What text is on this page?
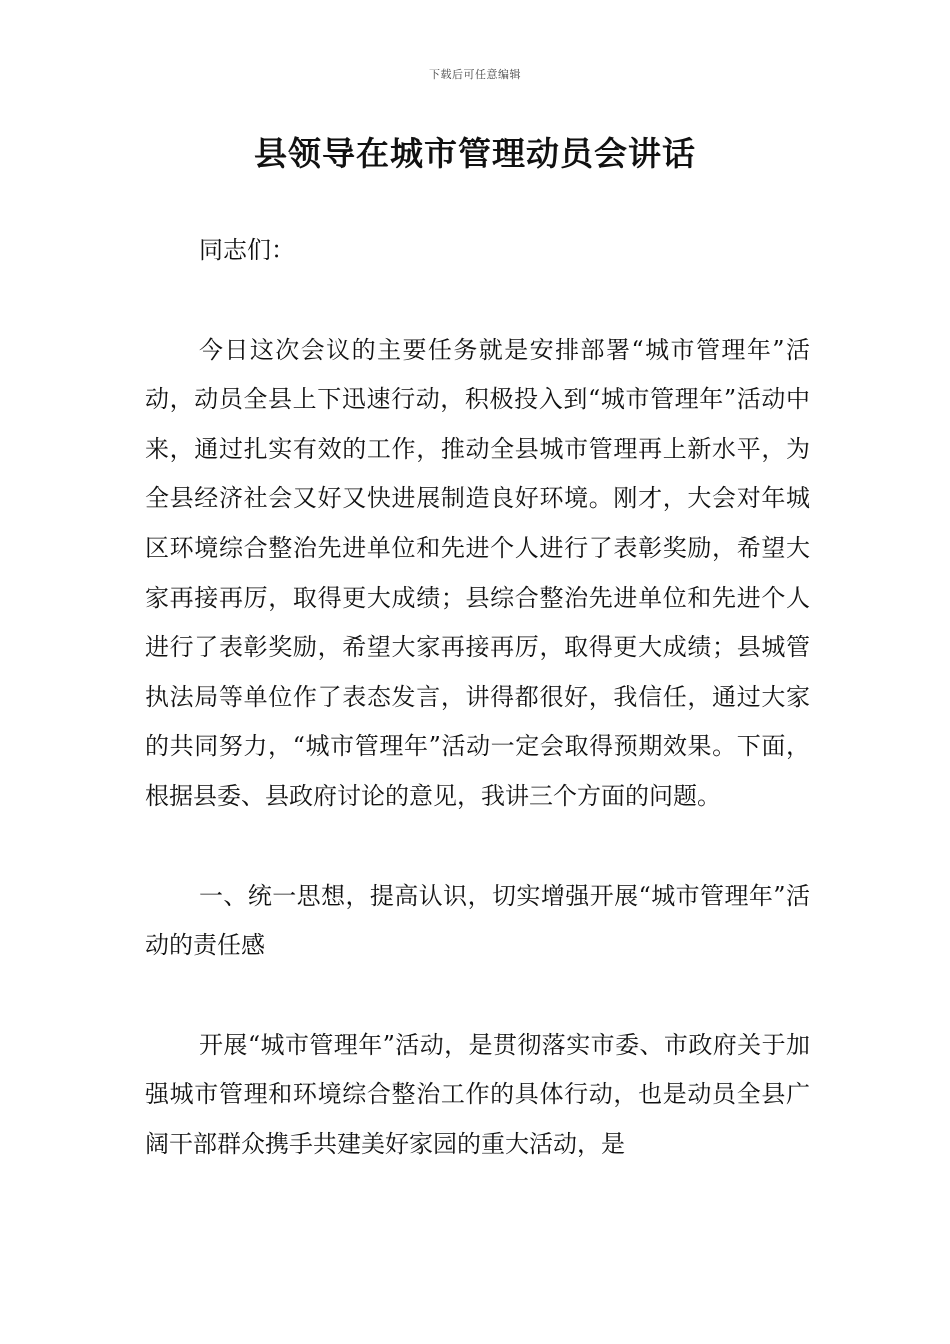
下载后可任意编辑
县领导在城市管理动员会讲话

同志们：

今日这次会议的主要任务就是安排部署“城市管理年”活动，动员全县上下迅速行动，积极投入到“城市管理年”活动中来，通过扎实有效的工作，推动全县城市管理再上新水平，为全县经济社会又好又快进展制造良好环境。刚才，大会对年城区环境综合整治先进单位和先进个人进行了表彰奖励，希望大家再接再厉，取得更大成绩；县综合整治先进单位和先进个人进行了表彰奖励，希望大家再接再厉，取得更大成绩；县城管执法局等单位作了表态发言，讲得都很好，我信任，通过大家的共同努力，“城市管理年”活动一定会取得预期效果。下面，根据县委、县政府讨论的意见，我讲三个方面的问题。

一、统一思想，提高认识，切实增强开展“城市管理年”活动的责任感

开展“城市管理年”活动，是贯彻落实市委、市政府关于加强城市管理和环境综合整治工作的具体行动，也是动员全县广阔干部群众携手共建美好家园的重大活动，是
